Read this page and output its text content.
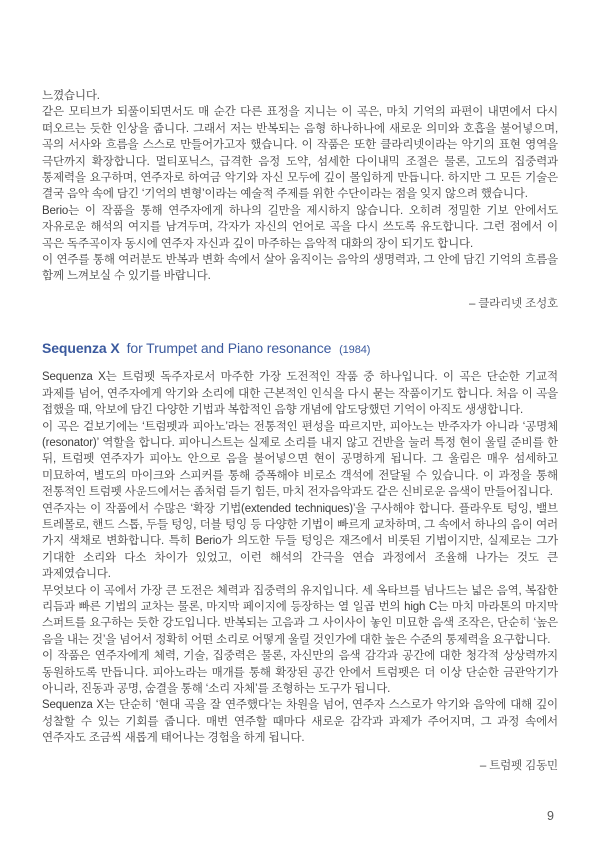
느꼈습니다.

같은 모티브가 되풀이되면서도 매 순간 다른 표정을 지니는 이 곡은, 마치 기억의 파편이 내면에서 다시 떠오르는 듯한 인상을 줍니다. 그래서 저는 반복되는 음형 하나하나에 새로운 의미와 호흡을 불어넣으며, 곡의 서사와 흐름을 스스로 만들어가고자 했습니다. 이 작품은 또한 클라리넷이라는 악기의 표현 영역을 극단까지 확장합니다. 멀티포닉스, 급격한 음정 도약, 섬세한 다이내믹 조절은 물론, 고도의 집중력과 통제력을 요구하며, 연주자로 하여금 악기와 자신 모두에 깊이 몰입하게 만듭니다. 하지만 그 모든 기술은 결국 음악 속에 담긴 ‘기억의 변형’이라는 예술적 주제를 위한 수단이라는 점을 잊지 않으려 했습니다.

Berio는 이 작품을 통해 연주자에게 하나의 길만을 제시하지 않습니다. 오히려 정밀한 기보 안에서도 자유로운 해석의 여지를 남겨두며, 각자가 자신의 언어로 곡을 다시 쓰도록 유도합니다. 그런 점에서 이 곡은 독주곡이자 동시에 연주자 자신과 깊이 마주하는 음악적 대화의 장이 되기도 합니다.

이 연주를 통해 여러분도 반복과 변화 속에서 살아 움직이는 음악의 생명력과, 그 안에 담긴 기억의 흐름을 함께 느껴보실 수 있기를 바랍니다.

– 클라리넷 조성호

Sequenza X for Trumpet and Piano resonance (1984)

Sequenza X는 트럼펫 독주자로서 마주한 가장 도전적인 작품 중 하나입니다. 이 곡은 단순한 기교적 과제를 넘어, 연주자에게 악기와 소리에 대한 근본적인 인식을 다시 묻는 작품이기도 합니다. 처음 이 곡을 접했을 때, 악보에 담긴 다양한 기법과 복합적인 음향 개념에 압도당했던 기억이 아직도 생생합니다.

이 곡은 겉보기에는 ‘트럼펫과 피아노’라는 전통적인 편성을 따르지만, 피아노는 반주자가 아니라 ‘공명체(resonator)’ 역할을 합니다. 피아니스트는 실제로 소리를 내지 않고 건반을 눌러 특정 현이 울릴 준비를 한 뒤, 트럼펫 연주자가 피아노 안으로 음을 불어넣으면 현이 공명하게 됩니다. 그 울림은 매우 섬세하고 미묘하여, 별도의 마이크와 스피커를 통해 증폭해야 비로소 객석에 전달될 수 있습니다. 이 과정을 통해 전통적인 트럼펫 사운드에서는 좀처럼 듣기 힘든, 마치 전자음악과도 같은 신비로운 음색이 만들어집니다.

연주자는 이 작품에서 수많은 ‘확장 기법(extended techniques)’을 구사해야 합니다. 플라우토 텅잉, 밸브 트레몰로, 핸드 스톱, 두들 텅잉, 더블 텅잉 등 다양한 기법이 빠르게 교차하며, 그 속에서 하나의 음이 여러 가지 색채로 변화합니다. 특히 Berio가 의도한 두들 텅잉은 재즈에서 비롯된 기법이지만, 실제로는 그가 기대한 소리와 다소 차이가 있었고, 이런 해석의 간극을 연습 과정에서 조율해 나가는 것도 큰 과제였습니다.

무엇보다 이 곡에서 가장 큰 도전은 체력과 집중력의 유지입니다. 세 옥타브를 넘나드는 넓은 음역, 복잡한 리듬과 빠른 기법의 교차는 물론, 마지막 페이지에 등장하는 열 일곱 번의 high C는 마치 마라톤의 마지막 스퍼트를 요구하는 듯한 강도입니다. 반복되는 고음과 그 사이사이 놓인 미묘한 음색 조작은, 단순히 ‘높은 음을 내는 것’을 넘어서 정확히 어떤 소리로 어떻게 울릴 것인가에 대한 높은 수준의 통제력을 요구합니다.

이 작품은 연주자에게 체력, 기술, 집중력은 물론, 자신만의 음색 감각과 공간에 대한 청각적 상상력까지 동원하도록 만듭니다. 피아노라는 매개를 통해 확장된 공간 안에서 트럼펫은 더 이상 단순한 금관악기가 아니라, 진동과 공명, 숨결을 통해 ‘소리 자체’를 조형하는 도구가 됩니다.

Sequenza X는 단순히 ‘현대 곡을 잘 연주했다’는 차원을 넘어, 연주자 스스로가 악기와 음악에 대해 깊이 성찰할 수 있는 기회를 줍니다. 매번 연주할 때마다 새로운 감각과 과제가 주어지며, 그 과정 속에서 연주자도 조금씩 새롭게 태어나는 경험을 하게 됩니다.

– 트럼펫 김동민

9
